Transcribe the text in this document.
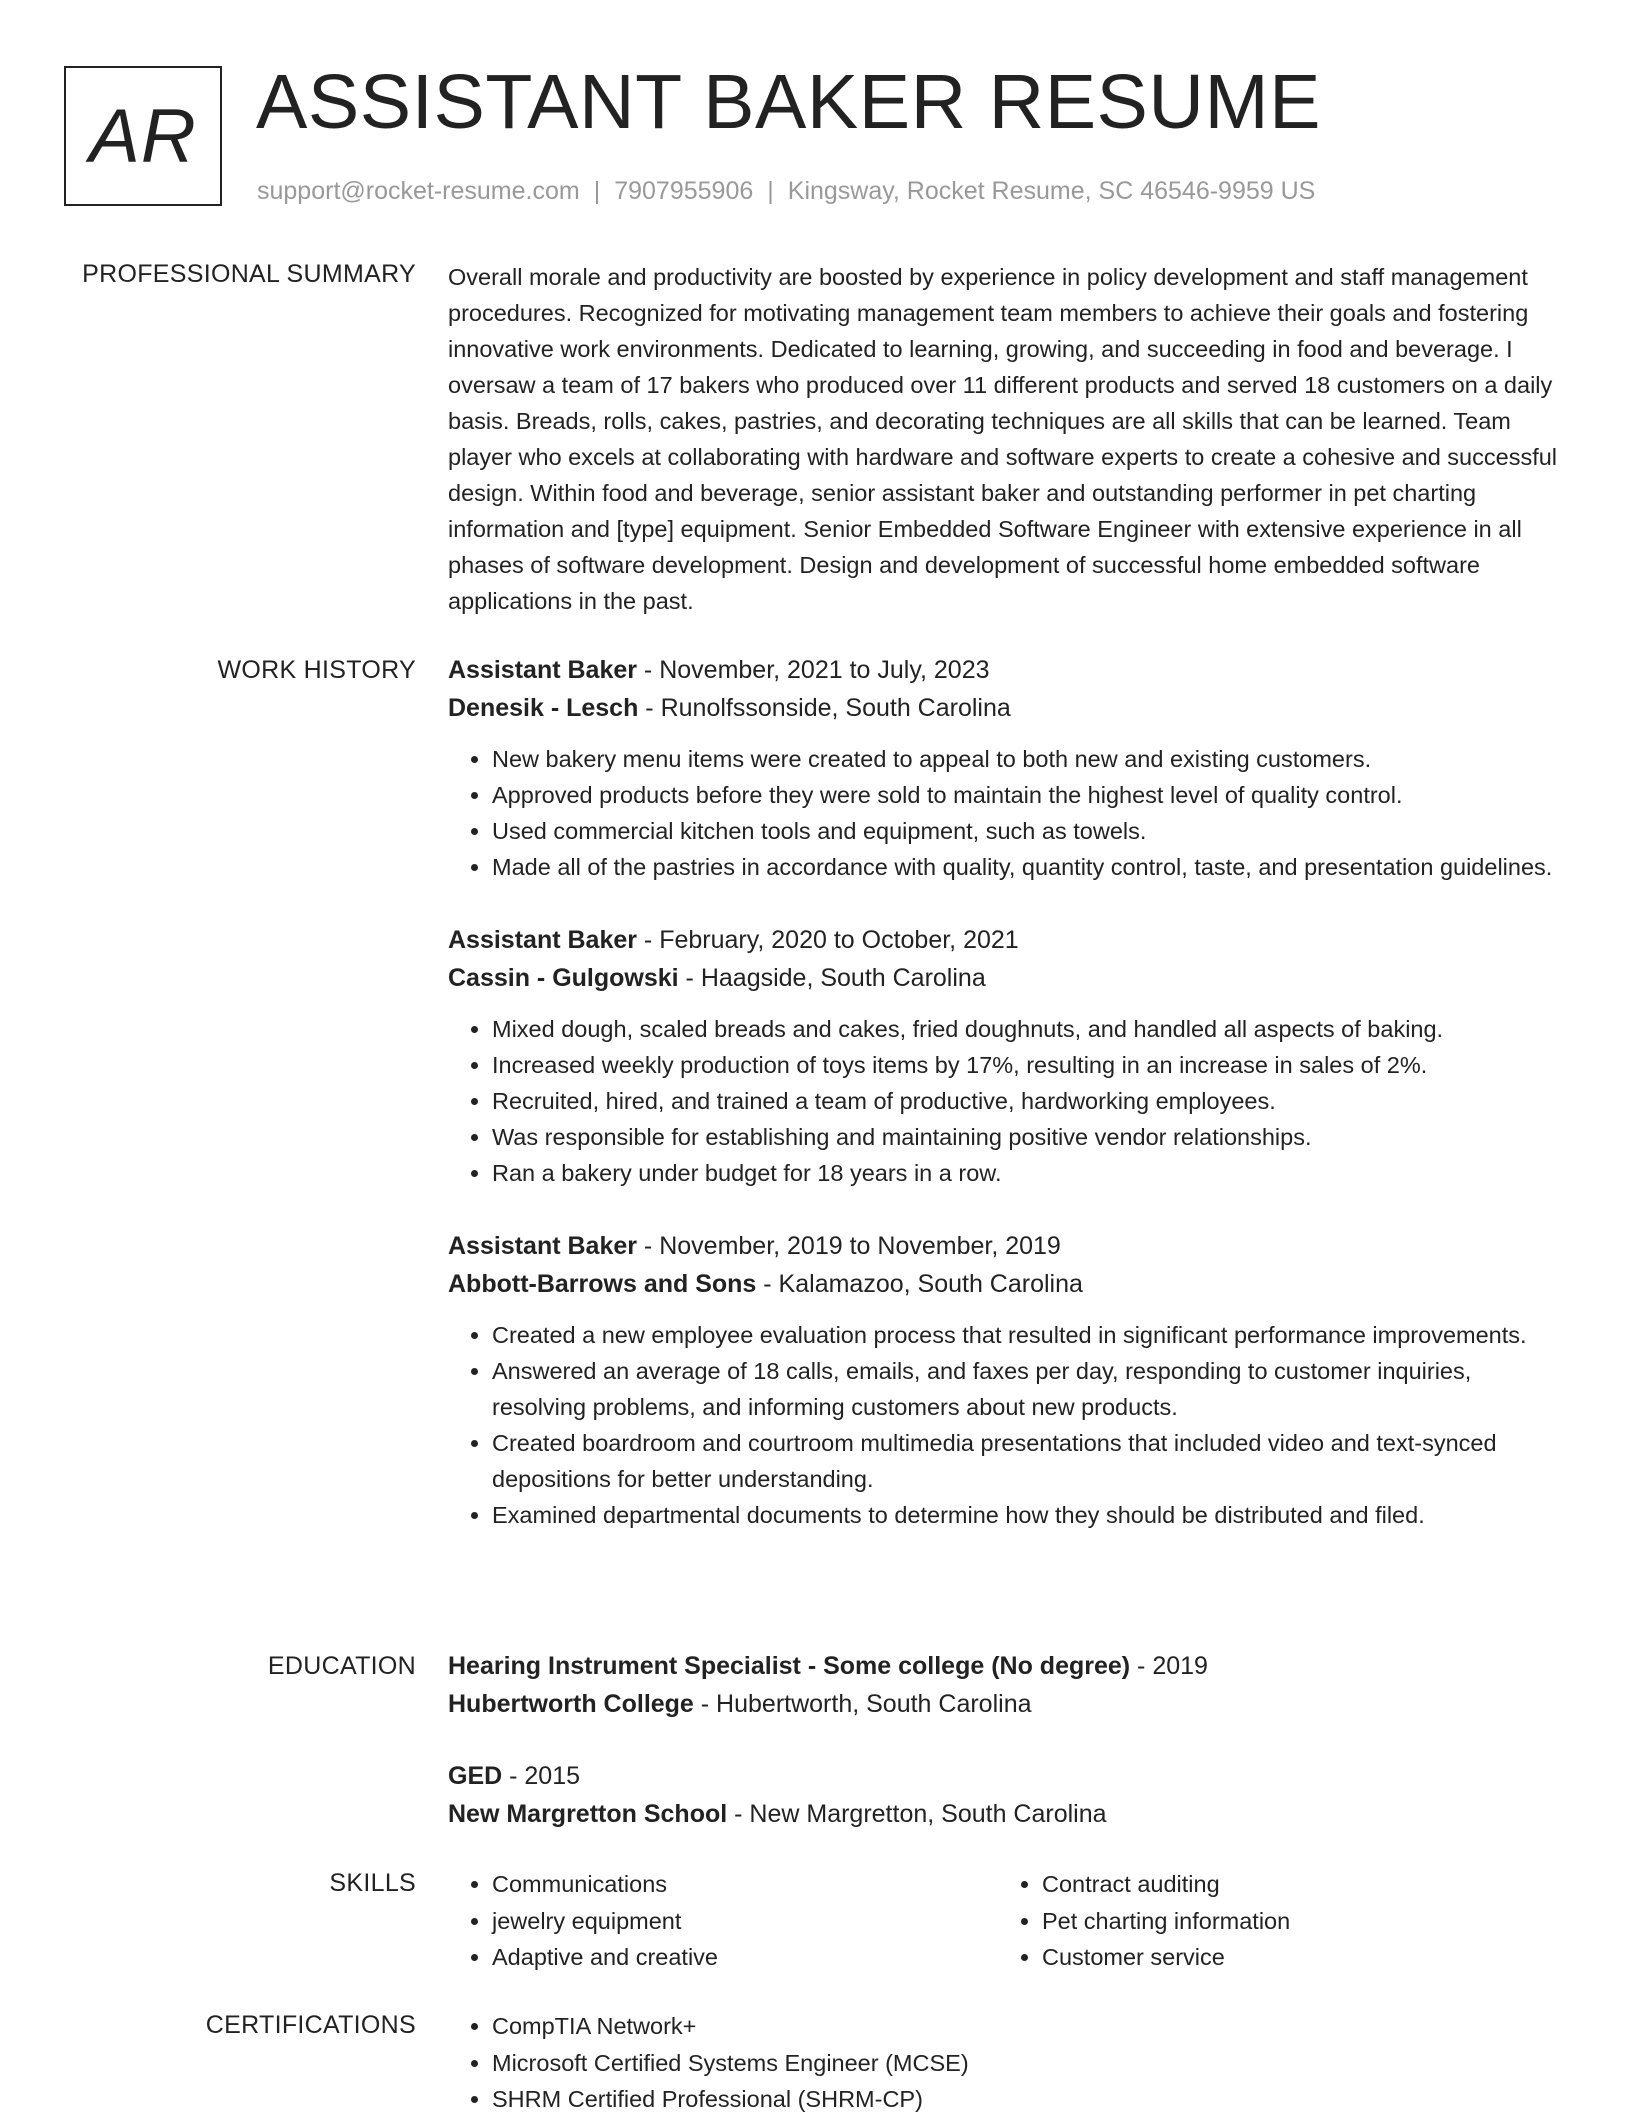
AR ASSISTANT BAKER RESUME
support@rocket-resume.com | 7907955906 | Kingsway, Rocket Resume, SC 46546-9959 US
PROFESSIONAL SUMMARY Overall morale and productivity are boosted by experience in policy development and staff management procedures. Recognized for motivating management team members to achieve their goals and fostering innovative work environments. Dedicated to learning, growing, and succeeding in food and beverage. I oversaw a team of 17 bakers who produced over 11 different products and served 18 customers on a daily basis. Breads, rolls, cakes, pastries, and decorating techniques are all skills that can be learned. Team player who excels at collaborating with hardware and software experts to create a cohesive and successful design. Within food and beverage, senior assistant baker and outstanding performer in pet charting information and [type] equipment. Senior Embedded Software Engineer with extensive experience in all phases of software development. Design and development of successful home embedded software applications in the past.

WORK HISTORY Assistant Baker - November, 2021 to July, 2023
Denesik - Lesch - Runolfssonside, South Carolina
• New bakery menu items were created to appeal to both new and existing customers.
• Approved products before they were sold to maintain the highest level of quality control.
• Used commercial kitchen tools and equipment, such as towels.
• Made all of the pastries in accordance with quality, quantity control, taste, and presentation guidelines.
Assistant Baker - February, 2020 to October, 2021
Cassin - Gulgowski - Haagside, South Carolina
• Mixed dough, scaled breads and cakes, fried doughnuts, and handled all aspects of baking.
• Increased weekly production of toys items by 17%, resulting in an increase in sales of 2%.
• Recruited, hired, and trained a team of productive, hardworking employees.
• Was responsible for establishing and maintaining positive vendor relationships.
• Ran a bakery under budget for 18 years in a row.
Assistant Baker - November, 2019 to November, 2019
Abbott-Barrows and Sons - Kalamazoo, South Carolina
• Created a new employee evaluation process that resulted in significant performance improvements.
• Answered an average of 18 calls, emails, and faxes per day, responding to customer inquiries, resolving problems, and informing customers about new products.
• Created boardroom and courtroom multimedia presentations that included video and text-synced depositions for better understanding.
• Examined departmental documents to determine how they should be distributed and filed.
EDUCATION Hearing Instrument Specialist - Some college (No degree) - 2019
Hubertworth College - Hubertworth, South Carolina
GED - 2015
New Margretton School - New Margretton, South Carolina
SKILLS	• Communications
• jewelry equipment
• Adaptive and creative
• Contract auditing
• Pet charting information
• Customer service
CERTIFICATIONS	• CompTIA Network+
• Microsoft Certified Systems Engineer (MCSE)
• SHRM Certified Professional (SHRM-CP)
